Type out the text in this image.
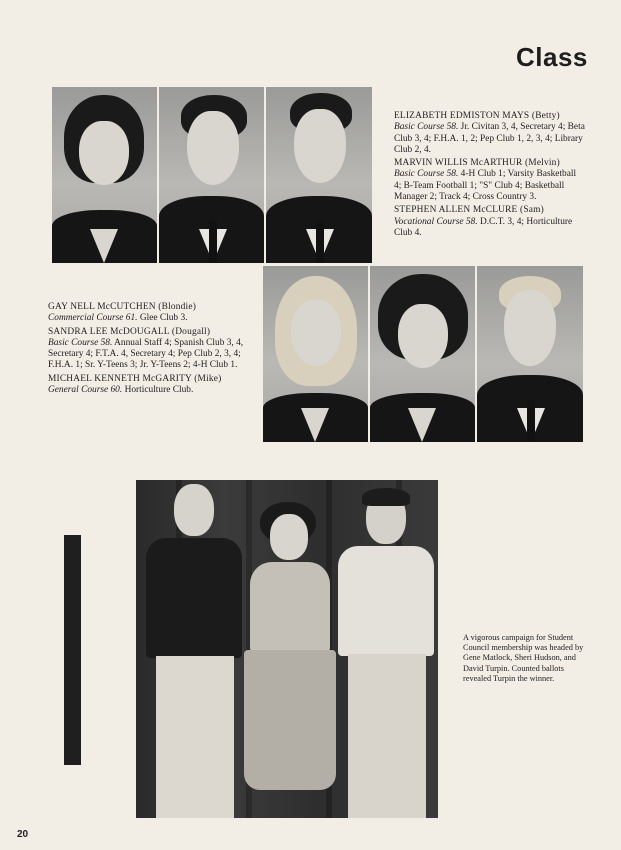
Class

ELIZABETH EDMISTON MAYS (Betty)
Basic Course 58. Jr. Civitan 3, 4, Secretary 4; Beta Club 3, 4; F.H.A. 1, 2; Pep Club 1, 2, 3, 4; Library Club 2, 4.

MARVIN WILLIS McARTHUR (Melvin)
Basic Course 58. 4-H Club 1; Varsity Basketball 4; B-Team Football 1; "S" Club 4; Basketball Manager 2; Track 4; Cross Country 3.

STEPHEN ALLEN McCLURE (Sam)
Vocational Course 58. D.C.T. 3, 4; Horticulture Club 4.

GAY NELL McCUTCHEN (Blondie)
Commercial Course 61. Glee Club 3.

SANDRA LEE McDOUGALL (Dougall)
Basic Course 58. Annual Staff 4; Spanish Club 3, 4, Secretary 4; F.T.A. 4, Secretary 4; Pep Club 2, 3, 4; F.H.A. 1; Sr. Y-Teens 3; Jr. Y-Teens 2; 4-H Club 1.

MICHAEL KENNETH McGARITY (Mike)
General Course 60. Horticulture Club.

A vigorous campaign for Student Council membership was headed by Gene Matlock, Sheri Hudson, and David Turpin. Counted ballots revealed Turpin the winner.
20
